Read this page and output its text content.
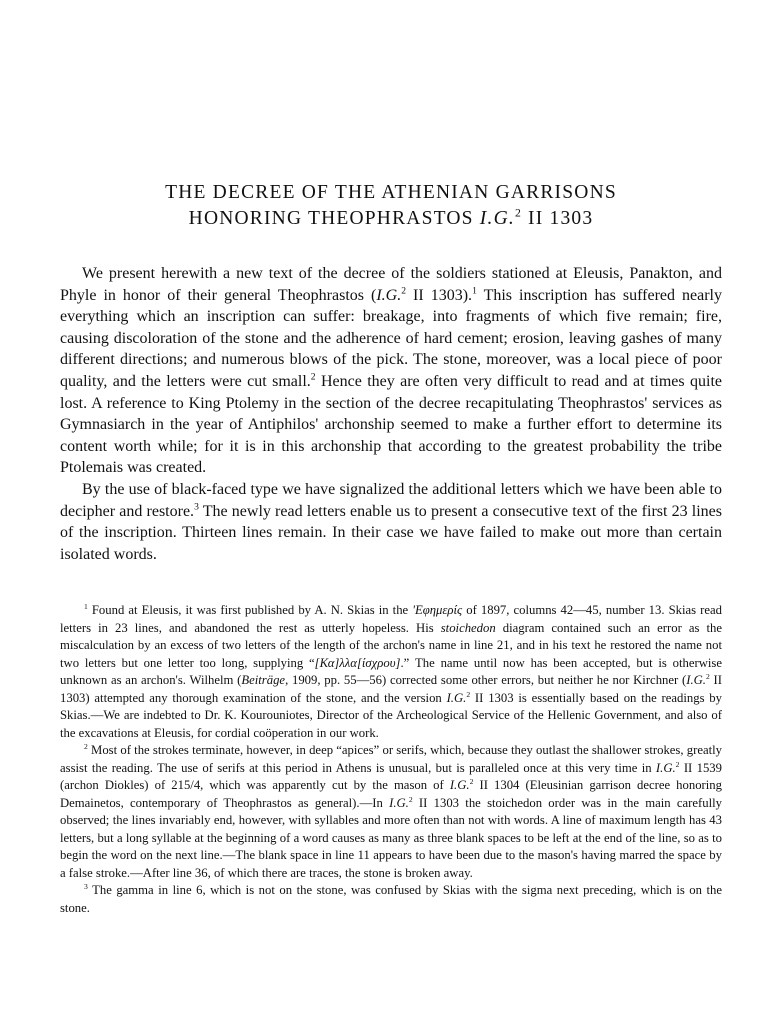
THE DECREE OF THE ATHENIAN GARRISONS
HONORING THEOPHRASTOS I.G.$^2$ II 1303

We present herewith a new text of the decree of the soldiers stationed at Eleusis, Panakton, and Phyle in honor of their general Theophrastos (I.G.$^2$ II 1303).$^1$ This inscription has suffered nearly everything which an inscription can suffer: breakage, into fragments of which five remain; fire, causing discoloration of the stone and the adherence of hard cement; erosion, leaving gashes of many different directions; and numerous blows of the pick. The stone, moreover, was a local piece of poor quality, and the letters were cut small.$^2$ Hence they are often very difficult to read and at times quite lost. A reference to King Ptolemy in the section of the decree recapitulating Theophrastos' services as Gymnasiarch in the year of Antiphilos' archonship seemed to make a further effort to determine its content worth while; for it is in this archonship that according to the greatest probability the tribe Ptolemais was created.

By the use of black-faced type we have signalized the additional letters which we have been able to decipher and restore.$^3$ The newly read letters enable us to present a consecutive text of the first 23 lines of the inscription. Thirteen lines remain. In their case we have failed to make out more than certain isolated words.

$^1$ Found at Eleusis, it was first published by A. N. Skias in the 'Εφημερίς of 1897, columns 42—45, number 13. Skias read letters in 23 lines, and abandoned the rest as utterly hopeless. His stoichedon diagram contained such an error as the miscalculation by an excess of two letters of the length of the archon's name in line 21, and in his text he restored the name not two letters but one letter too long, supplying “[Κα]λλα[ίσχρου].” The name until now has been accepted, but is otherwise unknown as an archon's. Wilhelm (Beiträge, 1909, pp. 55—56) corrected some other errors, but neither he nor Kirchner (I.G.$^2$ II 1303) attempted any thorough examination of the stone, and the version I.G.$^2$ II 1303 is essentially based on the readings by Skias.—We are indebted to Dr. K. Kourouniotes, Director of the Archeological Service of the Hellenic Government, and also of the excavations at Eleusis, for cordial coöperation in our work.

$^2$ Most of the strokes terminate, however, in deep “apices” or serifs, which, because they outlast the shallower strokes, greatly assist the reading. The use of serifs at this period in Athens is unusual, but is paralleled once at this very time in I.G.$^2$ II 1539 (archon Diokles) of 215/4, which was apparently cut by the mason of I.G.$^2$ II 1304 (Eleusinian garrison decree honoring Demainetos, contemporary of Theophrastos as general).—In I.G.$^2$ II 1303 the stoichedon order was in the main carefully observed; the lines invariably end, however, with syllables and more often than not with words. A line of maximum length has 43 letters, but a long syllable at the beginning of a word causes as many as three blank spaces to be left at the end of the line, so as to begin the word on the next line.—The blank space in line 11 appears to have been due to the mason's having marred the space by a false stroke.—After line 36, of which there are traces, the stone is broken away.

$^3$ The gamma in line 6, which is not on the stone, was confused by Skias with the sigma next preceding, which is on the stone.
